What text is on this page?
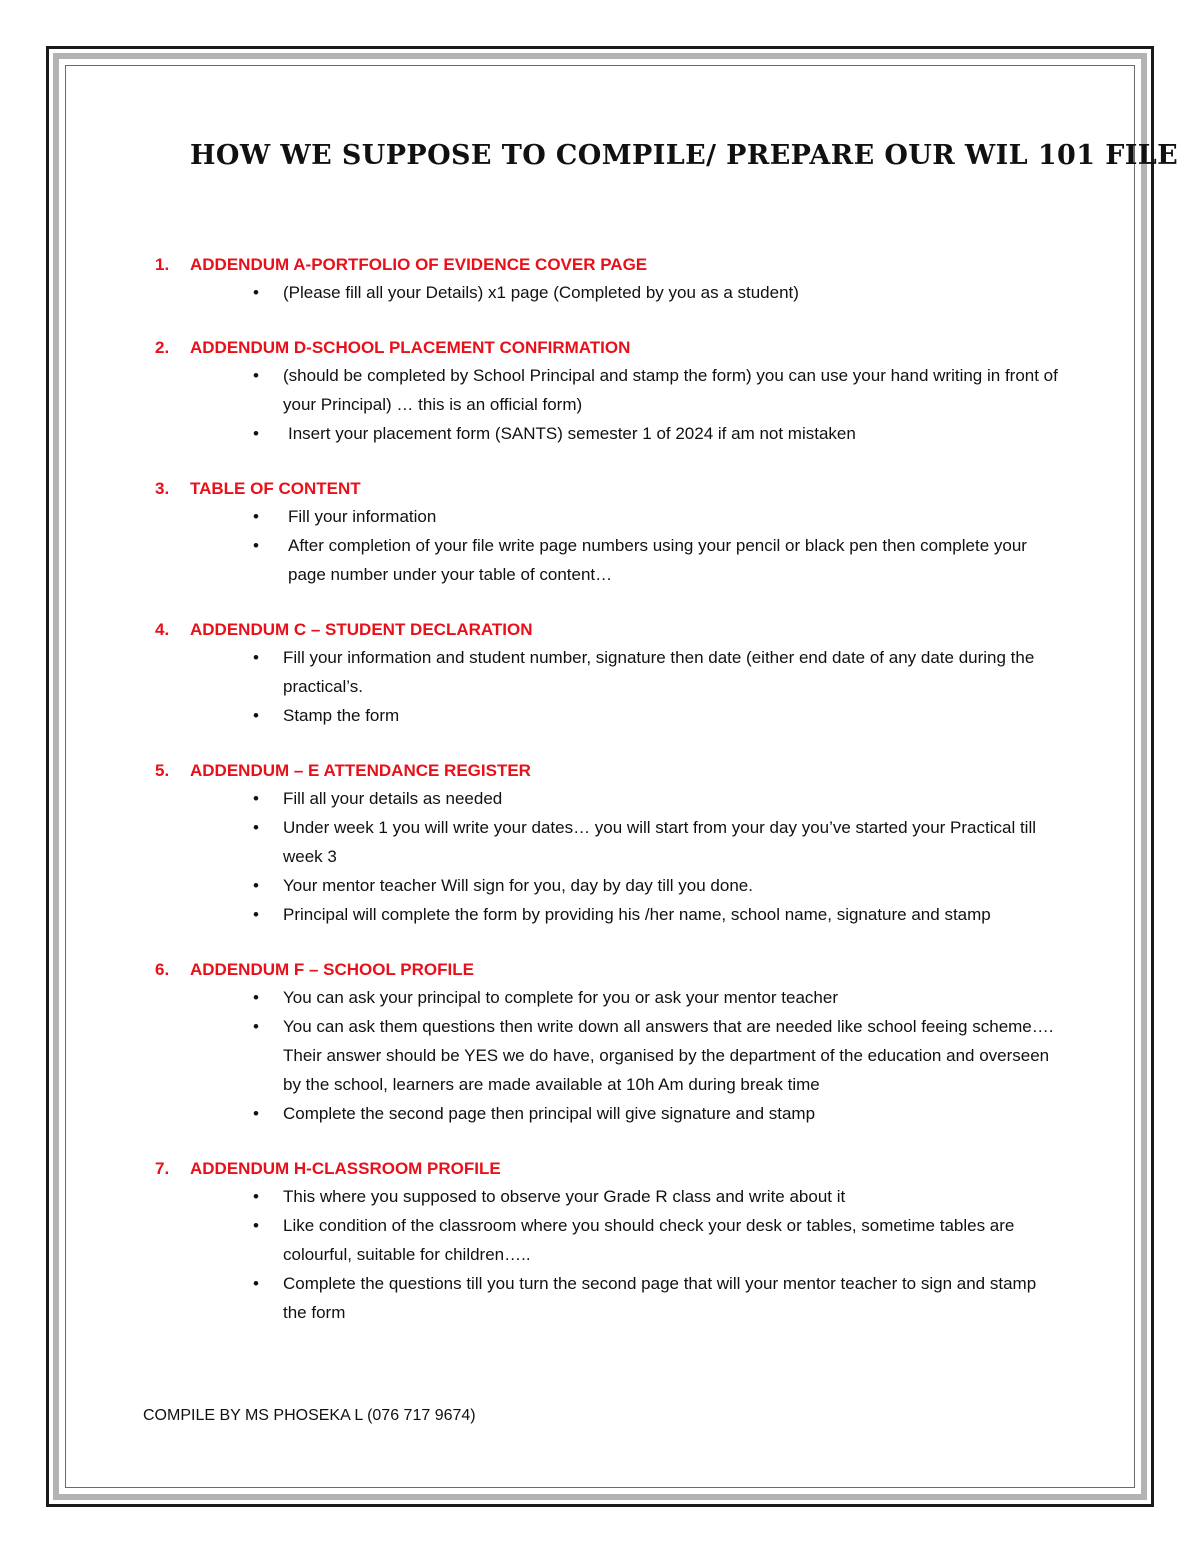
HOW WE SUPPOSE TO COMPILE/ PREPARE OUR WIL 101 FILE
1. ADDENDUM A-PORTFOLIO OF EVIDENCE COVER PAGE
• (Please fill all your Details) x1 page (Completed by you as a student)
2. ADDENDUM D-SCHOOL PLACEMENT CONFIRMATION
• (should be completed by School Principal and stamp the form) you can use your hand writing in front of your Principal) … this is an official form)
• Insert your placement form (SANTS) semester 1 of 2024 if am not mistaken
3. TABLE OF CONTENT
• Fill your information
• After completion of your file write page numbers using your pencil or black pen then complete your page number under your table of content…
4. ADDENDUM C – STUDENT DECLARATION
• Fill your information and student number, signature then date (either end date of any date during the practical’s.
• Stamp the form
5. ADDENDUM – E ATTENDANCE REGISTER
• Fill all your details as needed
• Under week 1 you will write your dates… you will start from your day you’ve started your Practical till week 3
• Your mentor teacher Will sign for you, day by day till you done.
• Principal will complete the form by providing his /her name, school name, signature and stamp
6. ADDENDUM F – SCHOOL PROFILE
• You can ask your principal to complete for you or ask your mentor teacher
• You can ask them questions then write down all answers that are needed like school feeing scheme…. Their answer should be YES we do have, organised by the department of the education and overseen by the school, learners are made available at 10h Am during break time
• Complete the second page then principal will give signature and stamp
7. ADDENDUM H-CLASSROOM PROFILE
• This where you supposed to observe your Grade R class and write about it
• Like condition of the classroom where you should check your desk or tables, sometime tables are colourful, suitable for children…..
• Complete the questions till you turn the second page that will your mentor teacher to sign and stamp the form
COMPILE BY MS PHOSEKA L (076 717 9674)
